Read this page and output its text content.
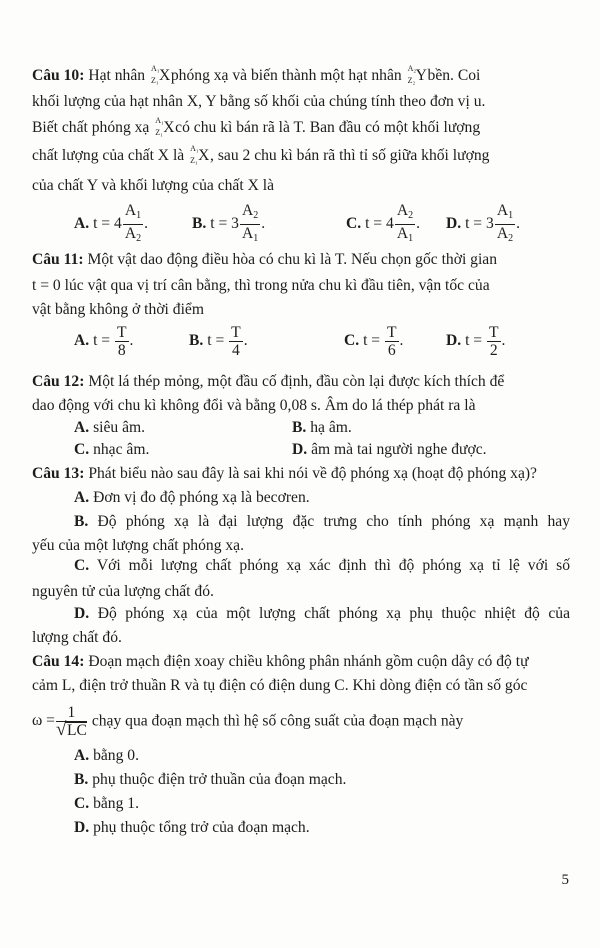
Câu 10: Hạt nhân A₁
Z₁ X phóng xạ và biến thành một hạt nhân A₂
Z₂ Y bền. Coi
khối lượng của hạt nhân X, Y bằng số khối của chúng tính theo đơn vị u.
Biết chất phóng xạ A₁
Z₁ X có chu kì bán rã là T. Ban đầu có một khối lượng
chất lượng của chất X là A₁
Z₁ X , sau 2 chu kì bán rã thì tỉ số giữa khối lượng
của chất Y và khối lượng của chất X là
A. $t = 4 \frac{A_1}{A_2}$ .	B. $t = 3 \frac{A_2}{A_1}$ .	C. $t = 4 \frac{A_2}{A_1}$ . D. $t = 3 \frac{A_1}{A_2}$ .
Câu 11: Một vật dao động điều hòa có chu kì là T. Nếu chọn gốc thời gian
t = 0 lúc vật qua vị trí cân bằng, thì trong nửa chu kì đầu tiên, vận tốc của
vật bằng không ở thời điểm
A. $t = \frac{T}{8}$ .	B. $t = \frac{T}{4}$ .	C. $t = \frac{T}{6}$ .	D. $t = \frac{T}{2}$ .
Câu 12: Một lá thép mỏng, một đầu cố định, đầu còn lại được kích thích để
dao động với chu kì không đổi và bằng 0,08 s. Âm do lá thép phát ra là
A. siêu âm.	B. hạ âm.
C. nhạc âm.	D. âm mà tai người nghe được.
Câu 13: Phát biểu nào sau đây là sai khi nói về độ phóng xạ (hoạt độ phóng xạ)?
A. Đơn vị đo độ phóng xạ là becơren.
B. Độ phóng xạ là đại lượng đặc trưng cho tính phóng xạ mạnh hay
yếu của một lượng chất phóng xạ.
C. Với mỗi lượng chất phóng xạ xác định thì độ phóng xạ tỉ lệ với số
nguyên tử của lượng chất đó.
D. Độ phóng xạ của một lượng chất phóng xạ phụ thuộc nhiệt độ của
lượng chất đó.
Câu 14: Đoạn mạch điện xoay chiều không phân nhánh gồm cuộn dây có độ tự
cảm L, điện trở thuần R và tụ điện có điện dung C. Khi dòng điện có tần số góc
$\omega = \frac{1}{√ LC}$ chạy qua đoạn mạch thì hệ số công suất của đoạn mạch này
A. bằng 0.
B. phụ thuộc điện trở thuần của đoạn mạch.
C. bằng 1.
D. phụ thuộc tổng trở của đoạn mạch.
5
